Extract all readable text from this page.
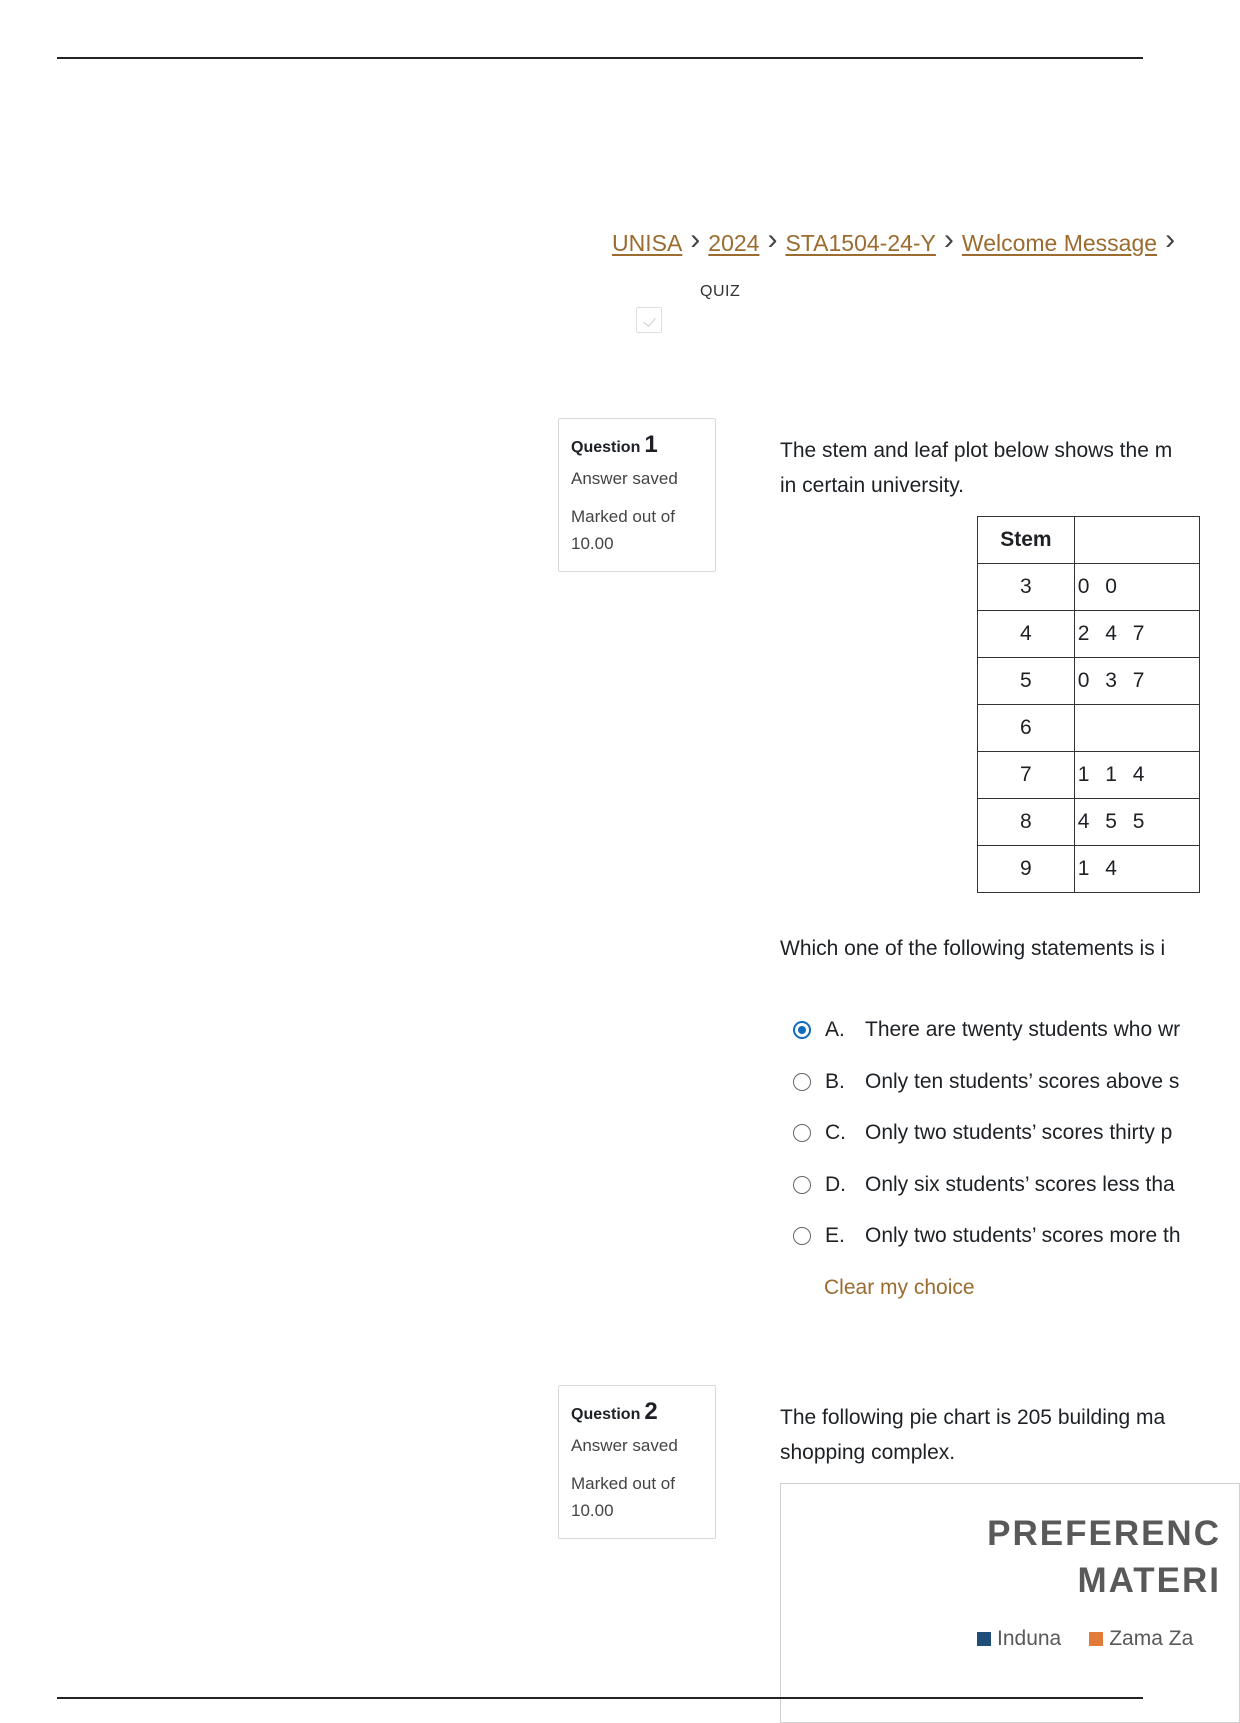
UNISA › 2024 › STA1504-24-Y › Welcome Message
›
QUIZ
Question 1
Answer saved
Marked out of
10.00
The stem and leaf plot below shows the m
in certain university.
Stem	
3	0 0
4	2 4 7
5	0 3 7
6	
7	1 1 4
8	4 5 5
9	1 4
Which one of the following statements is i
A. There are twenty students who wr
B. Only ten students’ scores above s
C. Only two students’ scores thirty p
D. Only six students’ scores less tha
E. Only two students’ scores more th
Clear my choice
Question 2
Answer saved
Marked out of
10.00
The following pie chart is 205 building ma
shopping complex.
PREFERENC
MATERI
Induna Zama Za
